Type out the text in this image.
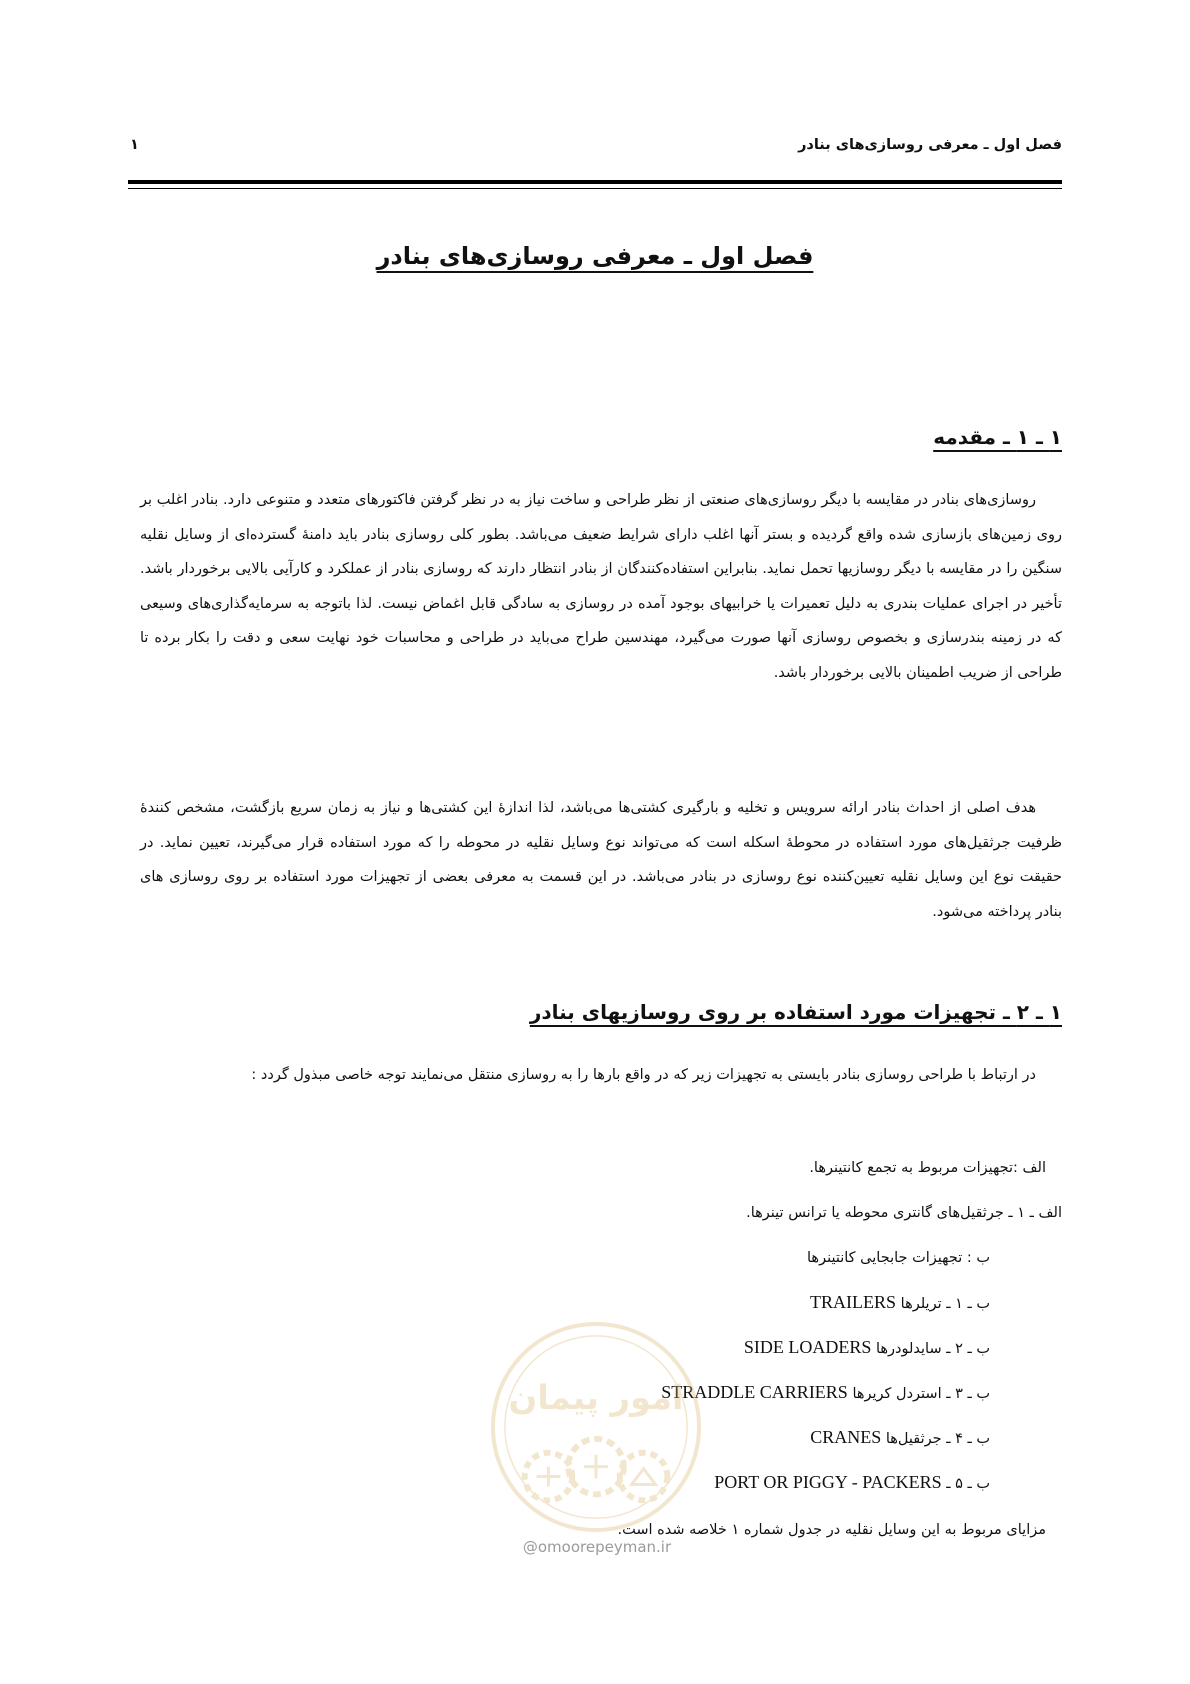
فصل اول ـ معرفی روسازی‌های بنادر
۱
فصل اول ـ معرفی روسازی‌های بنادر
۱ ـ ۱ ـ مقدمه

روسازی‌های بنادر در مقایسه با دیگر روسازی‌های صنعتی از نظر طراحی و ساخت نیاز به در نظر گرفتن فاکتورهای متعدد و متنوعی دارد. بنادر اغلب بر روی زمین‌های بازسازی شده واقع گردیده و بستر آنها اغلب دارای شرایط ضعیف می‌باشد. بطور کلی روسازی بنادر باید دامنهٔ گسترده‌ای از وسایل نقلیه سنگین را در مقایسه با دیگر روسازیها تحمل نماید. بنابراین استفاده‌کنندگان از بنادر انتظار دارند که روسازی بنادر از عملکرد و کارآیی بالایی برخوردار باشد. تأخیر در اجرای عملیات بندری به دلیل تعمیرات یا خرابیهای بوجود آمده در روسازی به سادگی قابل اغماض نیست. لذا باتوجه به سرمایه‌گذاری‌های وسیعی که در زمینه بندرسازی و بخصوص روسازی آنها صورت می‌گیرد، مهندسین طراح می‌باید در طراحی و محاسبات خود نهایت سعی و دقت را بکار برده تا طراحی از ضریب اطمینان بالایی برخوردار باشد.

هدف اصلی از احداث بنادر ارائه سرویس و تخلیه و بارگیری کشتی‌ها می‌باشد، لذا اندازهٔ این کشتی‌ها و نیاز به زمان سریع بازگشت، مشخص کنندهٔ ظرفیت جرثقیل‌های مورد استفاده در محوطهٔ اسکله است که می‌تواند نوع وسایل نقلیه در محوطه را که مورد استفاده قرار می‌گیرند، تعیین نماید. در حقیقت نوع این وسایل نقلیه تعیین‌کننده نوع روسازی در بنادر می‌باشد. در این قسمت به معرفی بعضی از تجهیزات مورد استفاده بر روی روسازی های بنادر پرداخته می‌شود.

۱ ـ ۲ ـ تجهیزات مورد استفاده بر روی روسازیهای بنادر

در ارتباط با طراحی روسازی بنادر بایستی به تجهیزات زیر که در واقع بارها را به روسازی منتقل می‌نمایند توجه خاصی مبذول گردد :

الف :تجهیزات مربوط به تجمع کانتینرها.
الف ـ ۱ ـ جرثقیل‌های گانتری محوطه یا ترانس تینرها.
ب : تجهیزات جابجایی کانتینرها
ب ـ ۱ ـ تریلرها TRAILERS
ب ـ ۲ ـ سایدلودرها SIDE LOADERS
ب ـ ۳ ـ استردل کریرها STRADDLE CARRIERS
ب ـ ۴ ـ جرثقیل‌ها CRANES
ب ـ ۵ ـ PORT OR PIGGY - PACKERS
مزایای مربوط به این وسایل نقلیه در جدول شماره ۱ خلاصه شده است.
امور پیمان
@omoorepeyman.ir
